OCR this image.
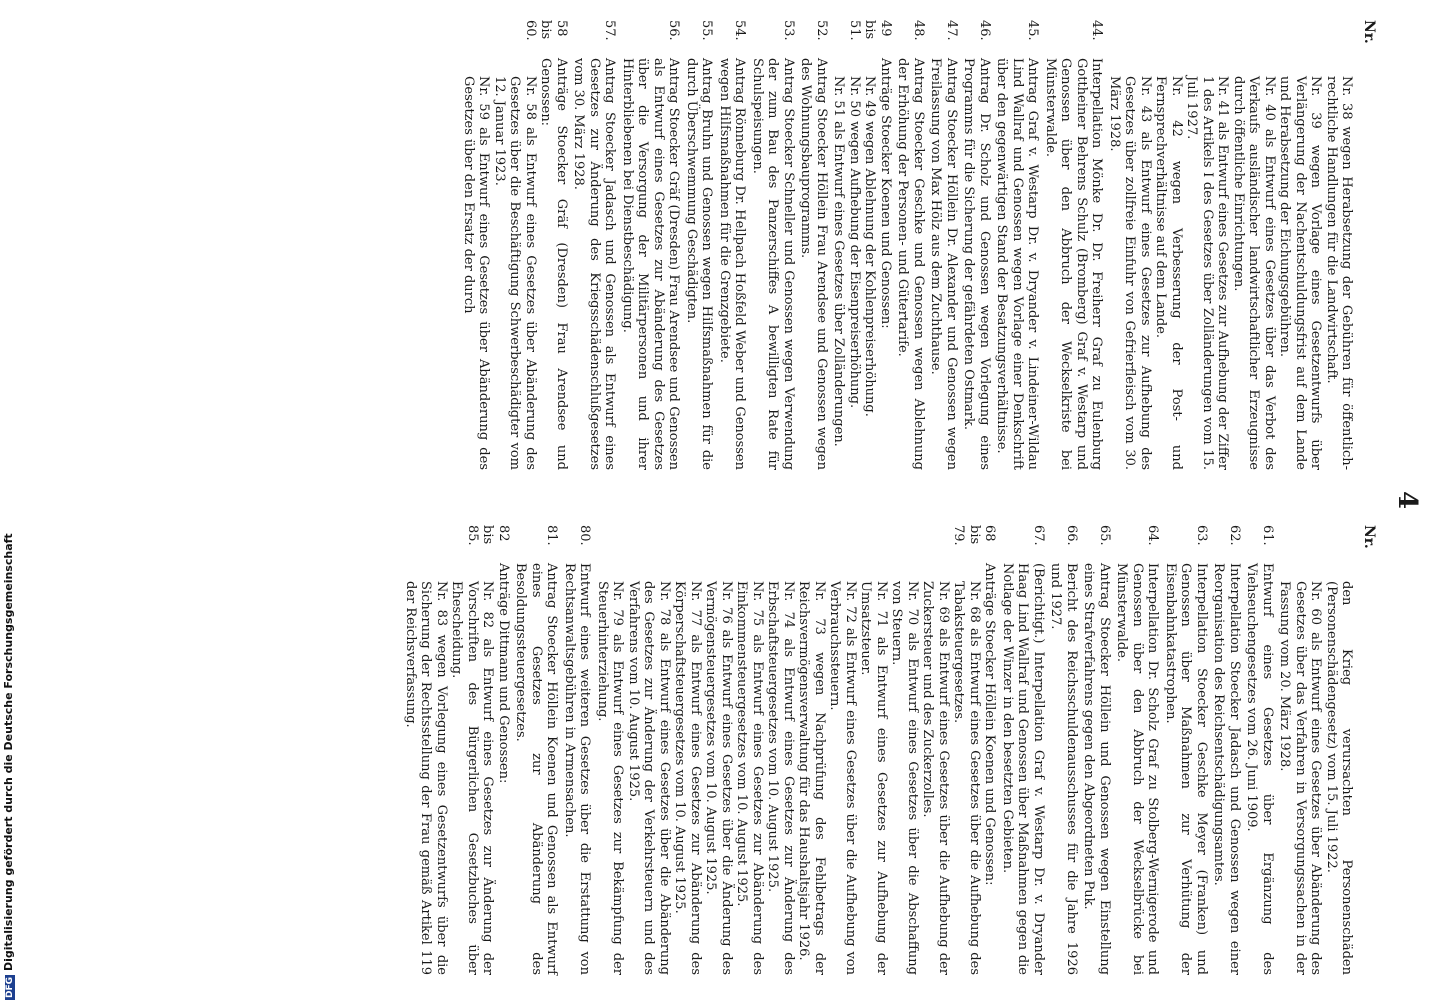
4
Nr.
Nr. 38 wegen Herabsetzung der Gebühren für öffentlich-rechtliche Handlungen für die Landwirtschaft.
Nr. 39 wegen Vorlage eines Gesetzentwurfs über Verlängerung der Nachentschuldungsfrist auf dem Lande und Herabsetzung der Eichungsgebühren.
Nr. 40 als Entwurf eines Gesetzes über das Verbot des Verkaufs ausländischer landwirtschaftlicher Erzeugnisse durch öffentliche Einrichtungen.
Nr. 41 als Entwurf eines Gesetzes zur Aufhebung der Ziffer 1 des Artikels I des Gesetzes über Zolländerungen vom 15. Juli 1927.
Nr. 42 wegen Verbesserung der Post- und Fernsprechverhältnisse auf dem Lande.
Nr. 43 als Entwurf eines Gesetzes zur Aufhebung des Gesetzes über zollfreie Einfuhr von Gefrierfleisch vom 30. März 1928.
44.
Interpellation Mönke Dr. Dr. Freiherr Graf zu Eulenburg Gottheiner Behrens Schulz (Bromberg) Graf v. Westarp und Genossen über den Abbruch der Weckselkriste bei Münsterwalde.
45.
Antrag Graf v. Westarp Dr. v. Dryander v. Lindeiner-Wildau Lind Wallraf und Genossen wegen Vorlage einer Denkschrift über den gegenwärtigen Stand der Besatzungsverhältnisse.
46.
Antrag Dr. Scholz und Genossen wegen Vorlegung eines Programms für die Sicherung der gefährdeten Ostmark.
47.
Antrag Stoecker Höllein Dr. Alexander und Genossen wegen Freilassung von Max Hölz aus dem Zuchthause.
48.
Antrag Stoecker Geschke und Genossen wegen Ablehnung der Erhöhung der Personen- und Gütertarife.
49 bis 51.
Anträge Stoecker Koenen und Genossen:
Nr. 49 wegen Ablehnung der Kohlenpreiserhöhung.
Nr. 50 wegen Aufhebung der Eisenpreiserhöhung.
Nr. 51 als Entwurf eines Gesetzes über Zolländerungen.
52.
Antrag Stoecker Höllein Frau Arendsee und Genossen wegen des Wohnungsbauprogramms.
53.
Antrag Stoecker Schneller und Genossen wegen Verwendung der zum Bau des Panzerschiffes A bewilligten Rate für Schulspeisungen.
54.
Antrag Rönneburg Dr. Hellpach Hoßfeld Weber und Genossen wegen Hilfsmaßnahmen für die Grenzgebiete.
55.
Antrag Bruhn und Genossen wegen Hilfsmaßnahmen für die durch Überschwemmung Geschädigten.
56.
Antrag Stoecker Gräf (Dresden) Frau Arendsee und Genossen als Entwurf eines Gesetzes zur Abänderung des Gesetzes über die Versorgung der Militärpersonen und ihrer Hinterbliebenen bei Dienstbeschädigung.
57.
Antrag Stoecker Jadasch und Genossen als Entwurf eines Gesetzes zur Änderung des Kriegsschädenschlußgesetzes vom 30. März 1928.
58 bis 60.
Anträge Stoecker Gräf (Dresden) Frau Arendsee und Genossen:
Nr. 58 als Entwurf eines Gesetzes über Abänderung des Gesetzes über die Beschäftigung Schwerbeschädigter vom 12. Januar 1923.
Nr. 59 als Entwurf eines Gesetzes über Abänderung des Gesetzes über den Ersatz der durch
Nr.
den Krieg verursachten Personenschäden (Personenschädengesetz) vom 15. Juli 1922.
Nr. 60 als Entwurf eines Gesetzes über Abänderung des Gesetzes über das Verfahren in Versorgungssachen in der Fassung vom 20. März 1928.
61.
Entwurf eines Gesetzes über Ergänzung des Viehseuchengesetzes vom 26. Juni 1909.
62.
Interpellation Stoecker Jadasch und Genossen wegen einer Reorganisation des Reichsentschädigungsamtes.
63.
Interpellation Stoecker Geschke Meyer (Franken) und Genossen über Maßnahmen zur Verhütung der Eisenbahnkatastrophen.
64.
Interpellation Dr. Scholz Graf zu Stolberg-Wernigerode und Genossen über den Abbruch der Weckselbrücke bei Münsterwalde.
65.
Antrag Stoecker Höllein und Genossen wegen Einstellung eines Strafverfahrens gegen den Abgeordneten Puk.
66.
Bericht des Reichsschuldenausschusses für die Jahre 1926 und 1927.
67.
(Berichtigt.) Interpellation Graf v. Westarp Dr. v. Dryander Haag Lind Wallraf und Genossen über Maßnahmen gegen die Notlage der Winzer in den besetzten Gebieten.
68 bis 79.
Anträge Stoecker Höllein Koenen und Genossen:
Nr. 68 als Entwurf eines Gesetzes über die Aufhebung des Tabaksteuergesetzes.
Nr. 69 als Entwurf eines Gesetzes über die Aufhebung der Zuckersteuer und des Zuckerzolles.
Nr. 70 als Entwurf eines Gesetzes über die Abschaffung von Steuern.
Nr. 71 als Entwurf eines Gesetzes zur Aufhebung der Umsatzsteuer.
Nr. 72 als Entwurf eines Gesetzes über die Aufhebung von Verbrauchssteuern.
Nr. 73 wegen Nachprüfung des Fehlbetrags der Reichsvermögensverwaltung für das Haushaltsjahr 1926.
Nr. 74 als Entwurf eines Gesetzes zur Änderung des Erbschaftsteuergesetzes vom 10. August 1925.
Nr. 75 als Entwurf eines Gesetzes zur Abänderung des Einkommensteuergesetzes vom 10. August 1925.
Nr. 76 als Entwurf eines Gesetzes über die Änderung des Vermögensteuergesetzes vom 10. August 1925.
Nr. 77 als Entwurf eines Gesetzes zur Abänderung des Körperschaftsteuergesetzes vom 10. August 1925.
Nr. 78 als Entwurf eines Gesetzes über die Abänderung des Gesetzes zur Änderung der Verkehrsteuern und des Verfahrens vom 10. August 1925.
Nr. 79 als Entwurf eines Gesetzes zur Bekämpfung der Steuerhinterziehung.
80.
Entwurf eines weiteren Gesetzes über die Erstattung von Rechtsanwaltsgebühren in Armensachen.
81.
Antrag Stoecker Höllein Koenen und Genossen als Entwurf eines Gesetzes zur Abänderung des Besoldungssteuergesetzes.
82 bis 85.
Anträge Dittmann und Genossen:
Nr. 82 als Entwurf eines Gesetzes zur Änderung der Vorschriften des Bürgerlichen Gesetzbuches über Ehescheidung.
Nr. 83 wegen Vorlegung eines Gesetzentwurfs über die Sicherung der Rechtsstellung der Frau gemäß Artikel 119 der Reichsverfassung.
DFGDigitalisierung gefördert durch die Deutsche Forschungsgemeinschaft
